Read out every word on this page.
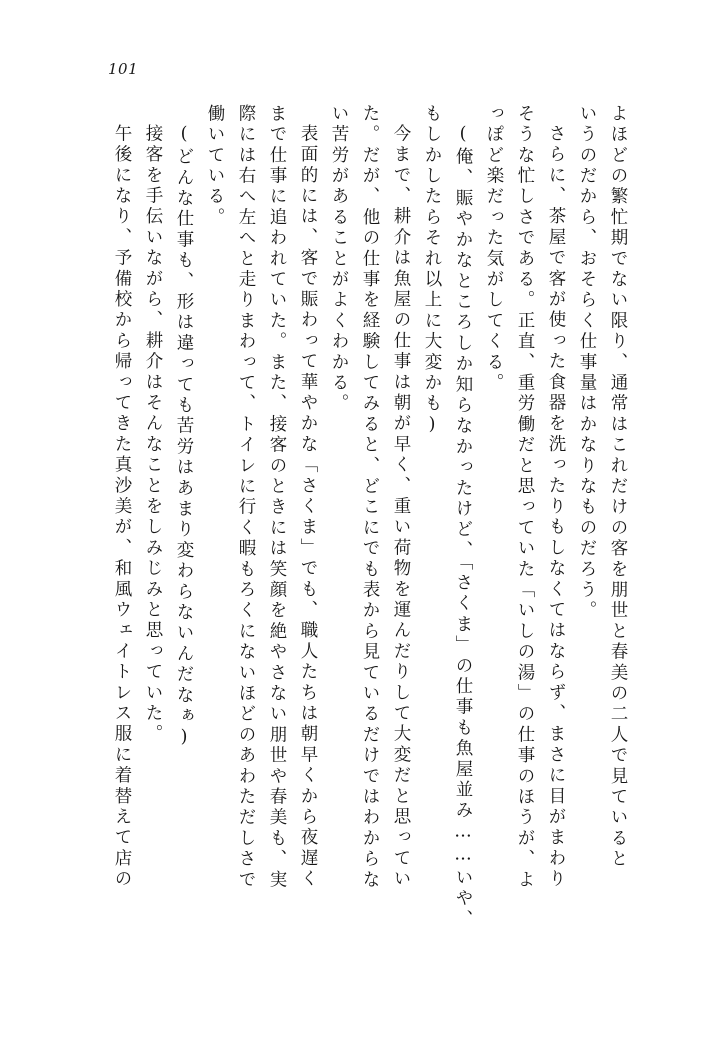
101
よほどの繁忙期でない限り、通常はこれだけの客を朋世と春美の二人で見ていると
いうのだから、おそらく仕事量はかなりなものだろう。
さらに、茶屋で客が使った食器を洗ったりもしなくてはならず、まさに目がまわり
そうな忙しさである。正直、重労働だと思っていた「いしの湯」の仕事のほうが、よ
っぽど楽だった気がしてくる。
(俺、賑やかなところしか知らなかったけど、「さくま」の仕事も魚屋並み……いや、
もしかしたらそれ以上に大変かも)
今まで、耕介は魚屋の仕事は朝が早く、重い荷物を運んだりして大変だと思ってい
た。だが、他の仕事を経験してみると、どこにでも表から見ているだけではわからな
い苦労があることがよくわかる。
表面的には、客で賑わって華やかな「さくま」でも、職人たちは朝早くから夜遅く
まで仕事に追われていた。また、接客のときには笑顔を絶やさない朋世や春美も、実
際には右へ左へと走りまわって、トイレに行く暇もろくにないほどのあわただしさで
働いている。
(どんな仕事も、形は違っても苦労はあまり変わらないんだなぁ)
接客を手伝いながら、耕介はそんなことをしみじみと思っていた。
午後になり、予備校から帰ってきた真沙美が、和風ウェイトレス服に着替えて店の
